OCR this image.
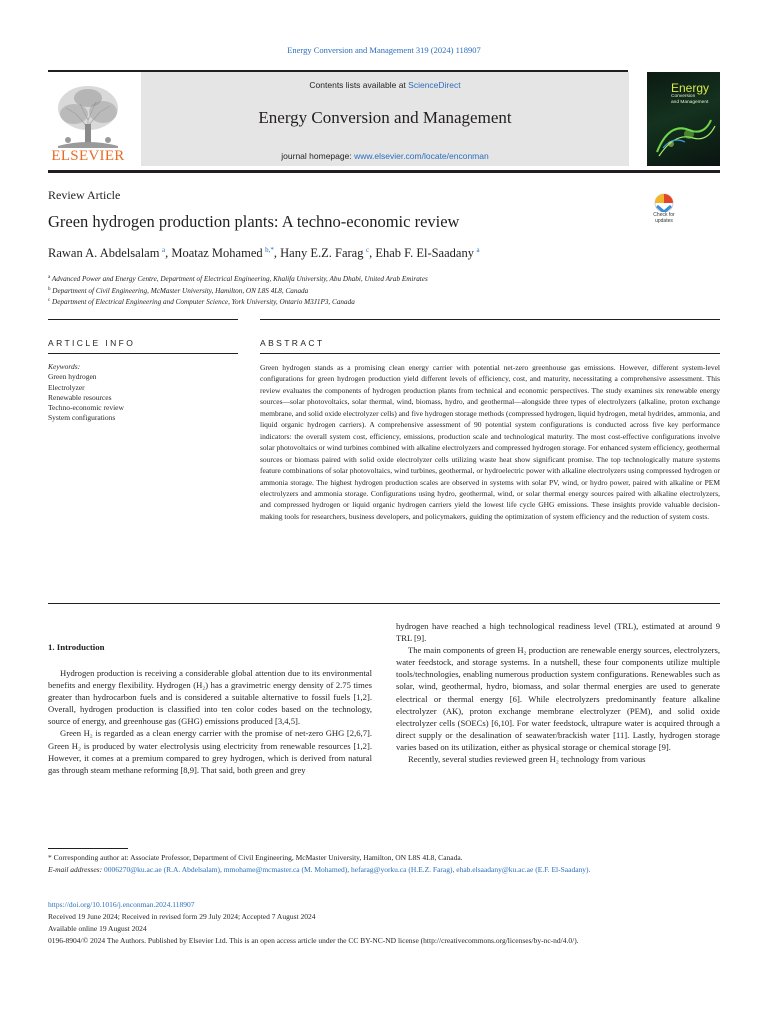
Energy Conversion and Management 319 (2024) 118907
ELSEVIER
Contents lists available at ScienceDirect
Energy Conversion and Management
journal homepage: www.elsevier.com/locate/enconman
Energy
Conversion
and Management
Review Article
Green hydrogen production plants: A techno-economic review	Check for
updates
Rawan A. Abdelsalam  $^a$, Moataz Mohamed  $^{b,*}$, Hany E.Z. Farag  $^c$, Ehab F. El-Saadany  $^a$
$^a$ Advanced Power and Energy Centre, Department of Electrical Engineering, Khalifa University, Abu Dhabi, United Arab Emirates
$^b$ Department of Civil Engineering, McMaster University, Hamilton, ON L8S 4L8, Canada
$^c$ Department of Electrical Engineering and Computer Science, York University, Ontario M3J1P3, Canada
ARTICLE INFO	ABSTRACT
Keywords:
Green hydrogen
Electrolyzer
Renewable resources
Techno-economic review
System configurations
Green hydrogen stands as a promising clean energy carrier with potential net-zero greenhouse gas emissions. However, different system-level configurations for green hydrogen production yield different levels of efficiency, cost, and maturity, necessitating a comprehensive assessment. This review evaluates the components of hydrogen production plants from technical and economic perspectives. The study examines six renewable energy sources—solar photovoltaics, solar thermal, wind, biomass, hydro, and geothermal—alongside three types of electrolyzers (alkaline, proton exchange membrane, and solid oxide electrolyzer cells) and five hydrogen storage methods (compressed hydrogen, liquid hydrogen, metal hydrides, ammonia, and liquid organic hydrogen carriers). A comprehensive assessment of 90 potential system configurations is conducted across five key performance indicators: the overall system cost, efficiency, emissions, production scale and technological maturity. The most cost-effective configurations involve solar photovoltaics or wind turbines combined with alkaline electrolyzers and compressed hydrogen storage. For enhanced system efficiency, geothermal sources or biomass paired with solid oxide electrolyzer cells utilizing waste heat show significant promise. The top technologically mature systems feature combinations of solar photovoltaics, wind turbines, geothermal, or hydroelectric power with alkaline electrolyzers using compressed hydrogen or ammonia storage. The highest hydrogen production scales are observed in systems with solar PV, wind, or hydro power, paired with alkaline or PEM electrolyzers and ammonia storage. Configurations using hydro, geothermal, wind, or solar thermal energy sources paired with alkaline electrolyzers, and compressed hydrogen or liquid organic hydrogen carriers yield the lowest life cycle GHG emissions. These insights provide valuable decision-making tools for researchers, business developers, and policymakers, guiding the optimization of system efficiency and the reduction of system costs.
1. Introduction

Hydrogen production is receiving a considerable global attention due to its environmental benefits and energy flexibility. Hydrogen (H₂) has a gravimetric energy density of 2.75 times greater than hydrocarbon fuels and is considered a suitable alternative to fossil fuels [1,2]. Overall, hydrogen production is classified into ten color codes based on the technology, source of energy, and greenhouse gas (GHG) emissions produced [3,4,5].

Green H₂ is regarded as a clean energy carrier with the promise of net-zero GHG [2,6,7]. Green H₂ is produced by water electrolysis using electricity from renewable resources [1,2]. However, it comes at a premium compared to grey hydrogen, which is derived from natural gas through steam methane reforming [8,9]. That said, both green and grey

hydrogen have reached a high technological readiness level (TRL), estimated at around 9 TRL [9].

The main components of green H₂ production are renewable energy sources, electrolyzers, water feedstock, and storage systems. In a nutshell, these four components utilize multiple tools/technologies, enabling numerous production system configurations. Renewables such as solar, wind, geothermal, hydro, biomass, and solar thermal energies are used to generate electrical or thermal energy [6]. While electrolyzers predominantly feature alkaline electrolyzer (AK), proton exchange membrane electrolyzer (PEM), and solid oxide electrolyzer cells (SOECs) [6,10]. For water feedstock, ultrapure water is acquired through a direct supply or the desalination of seawater/brackish water [11]. Lastly, hydrogen storage varies based on its utilization, either as physical storage or chemical storage [9].

Recently, several studies reviewed green H₂ technology from various

* Corresponding author at: Associate Professor, Department of Civil Engineering, McMaster University, Hamilton, ON L8S 4L8, Canada.
E-mail addresses: 0006270@ku.ac.ae (R.A. Abdelsalam), mmohame@mcmaster.ca (M. Mohamed), hefarag@yorku.ca (H.E.Z. Farag), ehab.elsaadany@ku.ac.ae (E.F. El-Saadany).
https://doi.org/10.1016/j.enconman.2024.118907
Received 19 June 2024; Received in revised form 29 July 2024; Accepted 7 August 2024
Available online 19 August 2024
0196-8904/© 2024 The Authors. Published by Elsevier Ltd. This is an open access article under the CC BY-NC-ND license (http://creativecommons.org/licenses/by-nc-nd/4.0/).
